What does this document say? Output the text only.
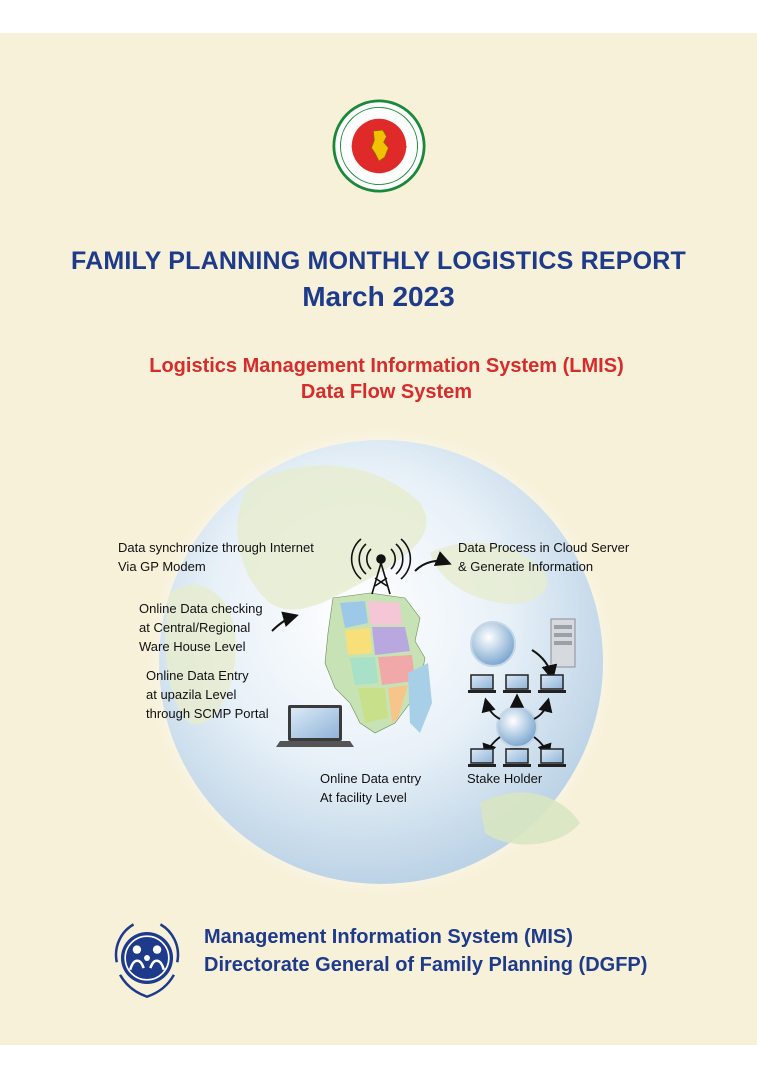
★	★
FAMILY PLANNING MONTHLY LOGISTICS REPORT
March 2023
Logistics Management Information System (LMIS)
Data Flow System
Data synchronize through Internet
Via GP Modem
Online Data checking
at Central/Regional
Ware House Level
Online Data Entry
at upazila Level
through SCMP Portal
Data Process in Cloud Server
& Generate Information
Online Data entry
At facility Level
Stake Holder
Management Information System (MIS)
Directorate General of Family Planning (DGFP)
